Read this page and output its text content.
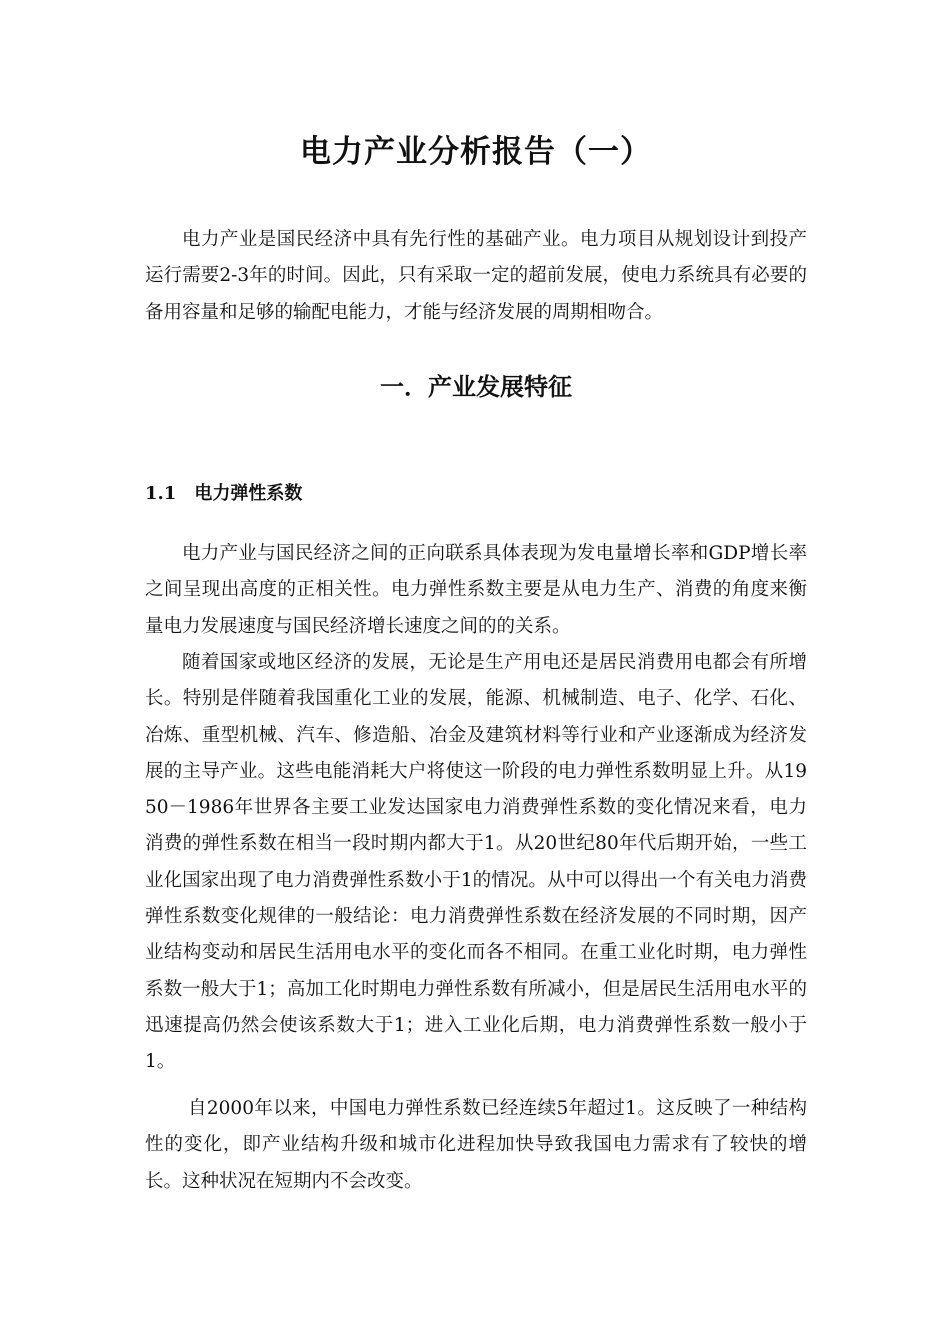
电力产业分析报告（一）

电力产业是国民经济中具有先行性的基础产业。电力项目从规划设计到投产运行需要2-3年的时间。因此，只有采取一定的超前发展，使电力系统具有必要的备用容量和足够的输配电能力，才能与经济发展的周期相吻合。

一．产业发展特征
1.1 电力弹性系数

电力产业与国民经济之间的正向联系具体表现为发电量增长率和GDP增长率之间呈现出高度的正相关性。电力弹性系数主要是从电力生产、消费的角度来衡量电力发展速度与国民经济增长速度之间的的关系。

随着国家或地区经济的发展，无论是生产用电还是居民消费用电都会有所增长。特别是伴随着我国重化工业的发展，能源、机械制造、电子、化学、石化、冶炼、重型机械、汽车、修造船、冶金及建筑材料等行业和产业逐渐成为经济发展的主导产业。这些电能消耗大户将使这一阶段的电力弹性系数明显上升。从1950－1986年世界各主要工业发达国家电力消费弹性系数的变化情况来看，电力消费的弹性系数在相当一段时期内都大于1。从20世纪80年代后期开始，一些工业化国家出现了电力消费弹性系数小于1的情况。从中可以得出一个有关电力消费弹性系数变化规律的一般结论：电力消费弹性系数在经济发展的不同时期，因产业结构变动和居民生活用电水平的变化而各不相同。在重工业化时期，电力弹性系数一般大于1；高加工化时期电力弹性系数有所减小，但是居民生活用电水平的迅速提高仍然会使该系数大于1；进入工业化后期，电力消费弹性系数一般小于1。

自2000年以来，中国电力弹性系数已经连续5年超过1。这反映了一种结构性的变化，即产业结构升级和城市化进程加快导致我国电力需求有了较快的增长。这种状况在短期内不会改变。
